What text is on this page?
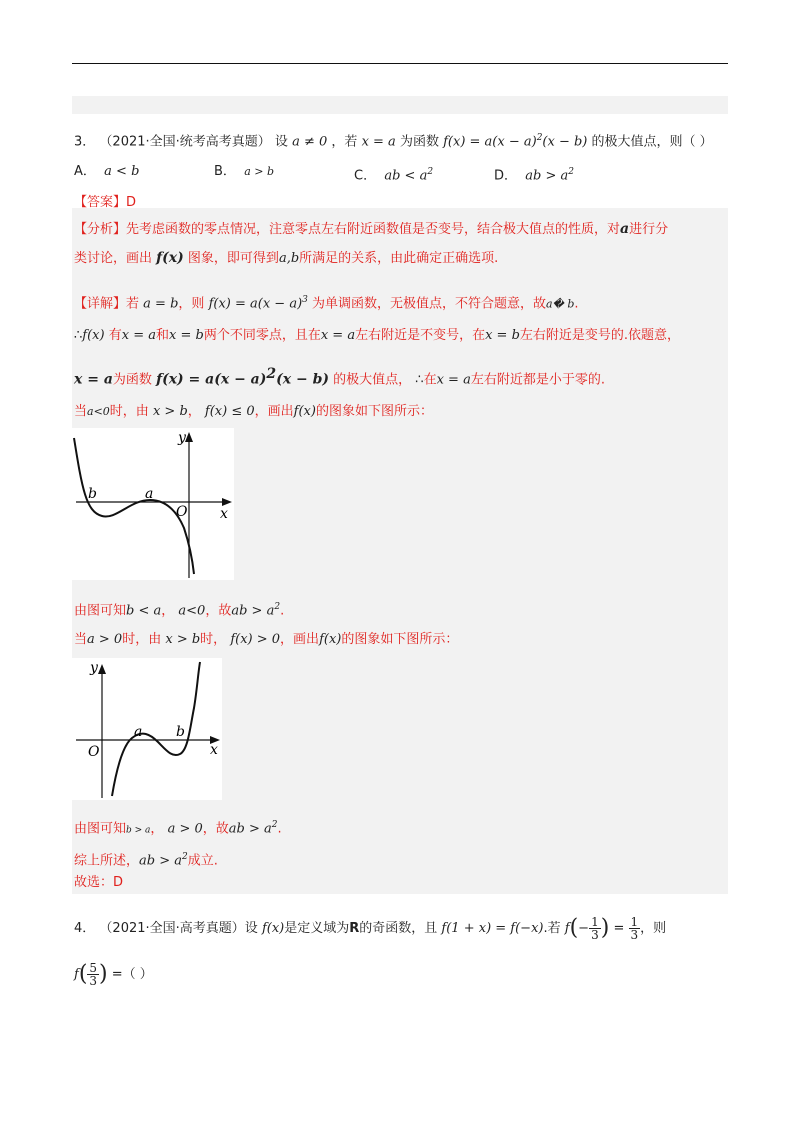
3． （2021·全国·统考高考真题） 设 a ≠ 0 ，若 x = a 为函数 $f(x) = a(x - a)^2(x - b)$ 的极大值点，则（ ）
A． a < b	B． a > b	C． ab < $a^2$	D． ab > $a^2$
【答案】D
【分析】先考虑函数的零点情况，注意零点左右附近函数值是否变号，结合极大值点的性质，对a进行分
类讨论，画出 f(x) 图象，即可得到a,b所满足的关系，由此确定正确选项.
【详解】若 a = b，则 $f(x) = a(x - a)^3$ 为单调函数，无极值点，不符合题意，故a� b.
∴f(x) 有x = a和x = b两个不同零点，且在x = a左右附近是不变号，在x = b左右附近是变号的.依题意，
x = a为函数 $f(x) = a(x - a)^2(x - b)$ 的极大值点， ∴在x = a左右附近都是小于零的.
当a<0时，由 x > b， f(x) ≤ 0，画出f(x)的图象如下图所示：
y
x
O
a
b
由图可知b < a， a<0，故ab > $a^2$.
当a > 0时，由 x > b时， f(x) > 0，画出f(x)的图象如下图所示：
y
x
O
a b
由图可知b > a， a > 0，故ab > $a^2$.
综上所述，ab > $a^2$成立.
故选：D
4． （2021·全国·高考真题）设 f(x)是定义域为R的奇函数，且 f(1 + x) = f(−x).若 $f(- \frac{1}{3}$ ) = $\frac{1}{3}$ ，则
$f( \frac{5}{3}$ ) =（ ）
